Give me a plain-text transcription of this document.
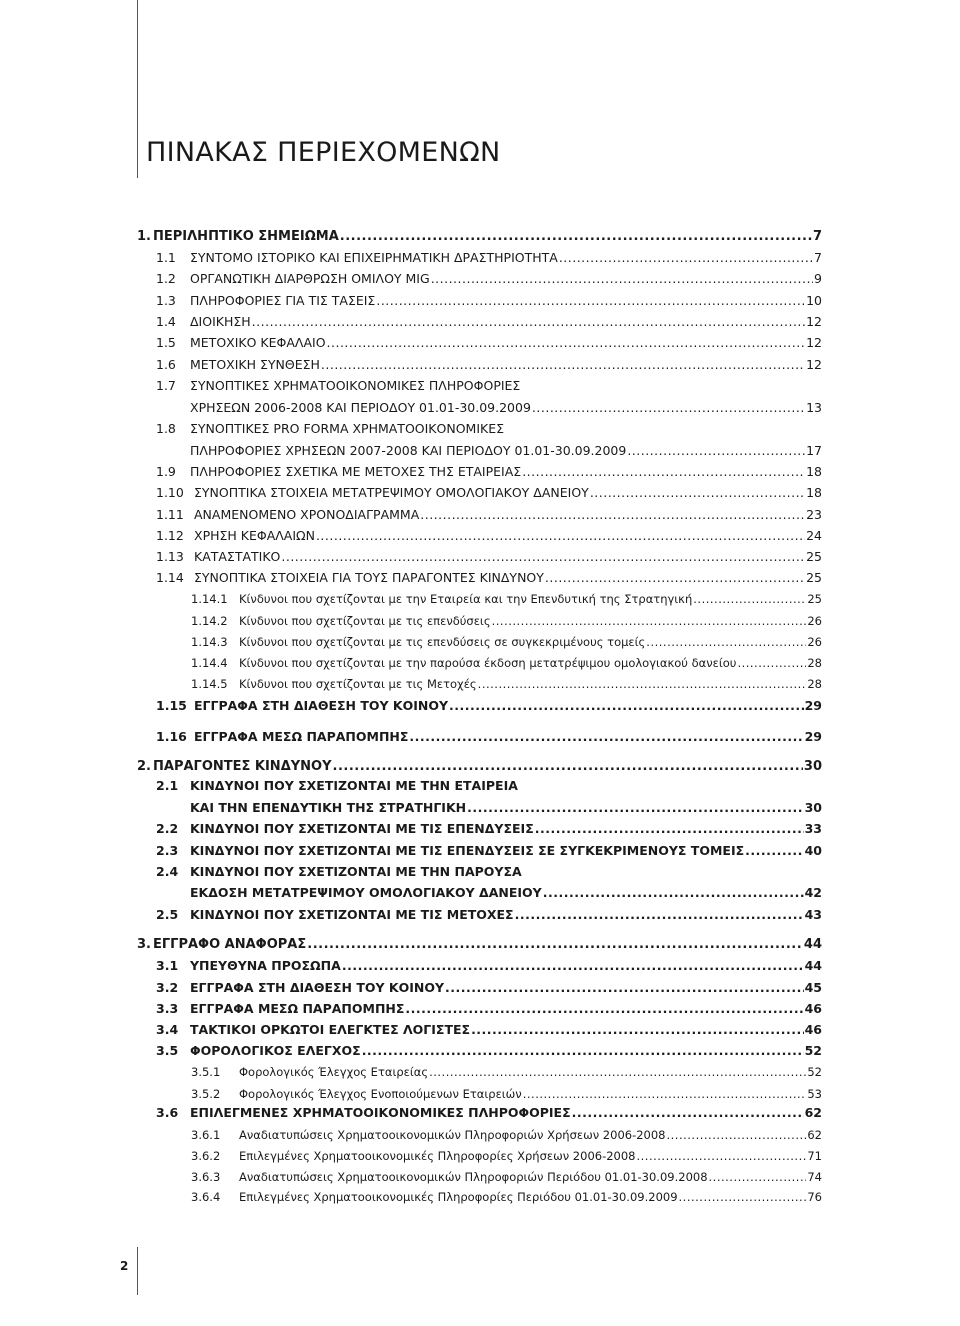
ΠΙΝΑΚΑΣ ΠΕΡΙΕΧΟΜΕΝΩΝ
1. ΠΕΡΙΛΗΠΤΙΚΟ ΣΗΜΕΙΩΜΑ .....	7
1.1 ΣΥΝΤΟΜΟ ΙΣΤΟΡΙΚΟ ΚΑΙ ΕΠΙΧΕΙΡΗΜΑΤΙΚΗ ΔΡΑΣΤΗΡΙΟΤΗΤΑ .....	7
1.2 ΟΡΓΑΝΩΤΙΚΗ ΔΙΑΡΘΡΩΣΗ ΟΜΙΛΟΥ MIG .....	9
1.3 ΠΛΗΡΟΦΟΡΙΕΣ ΓΙΑ ΤΙΣ ΤΑΣΕΙΣ .....	10
1.4 ΔΙΟΙΚΗΣΗ .....	12
1.5 ΜΕΤΟΧΙΚΟ ΚΕΦΑΛΑΙΟ .....	12
1.6 ΜΕΤΟΧΙΚΗ ΣΥΝΘΕΣΗ .....	12
1.7 ΣΥΝΟΠΤΙΚΕΣ ΧΡΗΜΑΤΟΟΙΚΟΝΟΜΙΚΕΣ ΠΛΗΡΟΦΟΡΙΕΣ
ΧΡΗΣΕΩΝ 2006-2008 ΚΑΙ ΠΕΡΙΟΔΟΥ 01.01-30.09.2009 .....	13
1.8 ΣΥΝΟΠΤΙΚΕΣ PRO FORMA ΧΡΗΜΑΤΟΟΙΚΟΝΟΜΙΚΕΣ
ΠΛΗΡΟΦΟΡΙΕΣ ΧΡΗΣΕΩΝ 2007-2008 ΚΑΙ ΠΕΡΙΟΔΟΥ 01.01-30.09.2009 .....	17
1.9 ΠΛΗΡΟΦΟΡΙΕΣ ΣΧΕΤΙΚΑ ΜΕ ΜΕΤΟΧΕΣ ΤΗΣ ΕΤΑΙΡΕΙΑΣ .....	18
1.10 ΣΥΝΟΠΤΙΚΑ ΣΤΟΙΧΕΙΑ ΜΕΤΑΤΡΕΨΙΜΟΥ ΟΜΟΛΟΓΙΑΚΟΥ ΔΑΝΕΙΟΥ .....	18
1.11 ΑΝΑΜΕΝΟΜΕΝΟ ΧΡΟΝΟΔΙΑΓΡΑΜΜΑ .....	23
1.12 ΧΡΗΣΗ ΚΕΦΑΛΑΙΩΝ .....	24
1.13 ΚΑΤΑΣΤΑΤΙΚΟ .....	25
1.14 ΣΥΝΟΠΤΙΚΑ ΣΤΟΙΧΕΙΑ ΓΙΑ ΤΟΥΣ ΠΑΡΑΓΟΝΤΕΣ ΚΙΝΔΥΝΟΥ .....	25
1.14.1 Κίνδυνοι που σχετίζονται με την Εταιρεία και την Επενδυτική της Στρατηγική .....	25
1.14.2 Κίνδυνοι που σχετίζονται με τις επενδύσεις .....	26
1.14.3 Κίνδυνοι που σχετίζονται με τις επενδύσεις σε συγκεκριμένους τομείς .....	26
1.14.4 Κίνδυνοι που σχετίζονται με την παρούσα έκδοση μετατρέψιμου ομολογιακού δανείου .....	28
1.14.5 Κίνδυνοι που σχετίζονται με τις Μετοχές .....	28
1.15 ΕΓΓΡΑΦΑ ΣΤΗ ΔΙΑΘΕΣΗ ΤΟΥ ΚΟΙΝΟΥ .....	29
1.16 ΕΓΓΡΑΦΑ ΜΕΣΩ ΠΑΡΑΠΟΜΠΗΣ .....	29
2. ΠΑΡΑΓΟΝΤΕΣ ΚΙΝΔΥΝΟΥ .....	30
2.1 ΚΙΝΔΥΝΟΙ ΠΟΥ ΣΧΕΤΙΖΟΝΤΑΙ ΜΕ ΤΗΝ ΕΤΑΙΡΕΙΑ
ΚΑΙ ΤΗΝ ΕΠΕΝΔΥΤΙΚΗ ΤΗΣ ΣΤΡΑΤΗΓΙΚΗ .....	30
2.2 ΚΙΝΔΥΝΟΙ ΠΟΥ ΣΧΕΤΙΖΟΝΤΑΙ ΜΕ ΤΙΣ ΕΠΕΝΔΥΣΕΙΣ .....	33
2.3 ΚΙΝΔΥΝΟΙ ΠΟΥ ΣΧΕΤΙΖΟΝΤΑΙ ΜΕ ΤΙΣ ΕΠΕΝΔΥΣΕΙΣ ΣΕ ΣΥΓΚΕΚΡΙΜΕΝΟΥΣ ΤΟΜΕΙΣ .....	40
2.4 ΚΙΝΔΥΝΟΙ ΠΟΥ ΣΧΕΤΙΖΟΝΤΑΙ ΜΕ ΤΗΝ ΠΑΡΟΥΣΑ
ΕΚΔΟΣΗ ΜΕΤΑΤΡΕΨΙΜΟΥ ΟΜΟΛΟΓΙΑΚΟΥ ΔΑΝΕΙΟΥ .....	42
2.5 ΚΙΝΔΥΝΟΙ ΠΟΥ ΣΧΕΤΙΖΟΝΤΑΙ ΜΕ ΤΙΣ ΜΕΤΟΧΕΣ .....	43
3. ΕΓΓΡΑΦΟ ΑΝΑΦΟΡΑΣ .....	44
3.1 ΥΠΕΥΘΥΝΑ ΠΡΟΣΩΠΑ .....	44
3.2 ΕΓΓΡΑΦΑ ΣΤΗ ΔΙΑΘΕΣΗ ΤΟΥ ΚΟΙΝΟΥ .....	45
3.3 ΕΓΓΡΑΦΑ ΜΕΣΩ ΠΑΡΑΠΟΜΠΗΣ .....	46
3.4 ΤΑΚΤΙΚΟΙ ΟΡΚΩΤΟΙ ΕΛΕΓΚΤΕΣ ΛΟΓΙΣΤΕΣ .....	46
3.5 ΦΟΡΟΛΟΓΙΚΟΣ ΕΛΕΓΧΟΣ .....	52
3.5.1 Φορολογικός Έλεγχος Εταιρείας .....	52
3.5.2 Φορολογικός Έλεγχος Ενοποιούμενων Εταιρειών .....	53
3.6 ΕΠΙΛΕΓΜΕΝΕΣ ΧΡΗΜΑΤΟΟΙΚΟΝΟΜΙΚΕΣ ΠΛΗΡΟΦΟΡΙΕΣ .....	62
3.6.1 Αναδιατυπώσεις Χρηματοοικονομικών Πληροφοριών Χρήσεων 2006-2008 .....	62
3.6.2 Επιλεγμένες Χρηματοοικονομικές Πληροφορίες Χρήσεων 2006-2008 .....	71
3.6.3 Αναδιατυπώσεις Χρηματοοικονομικών Πληροφοριών Περιόδου 01.01-30.09.2008 .....	74
3.6.4 Επιλεγμένες Χρηματοοικονομικές Πληροφορίες Περιόδου 01.01-30.09.2009 .....	76
2
